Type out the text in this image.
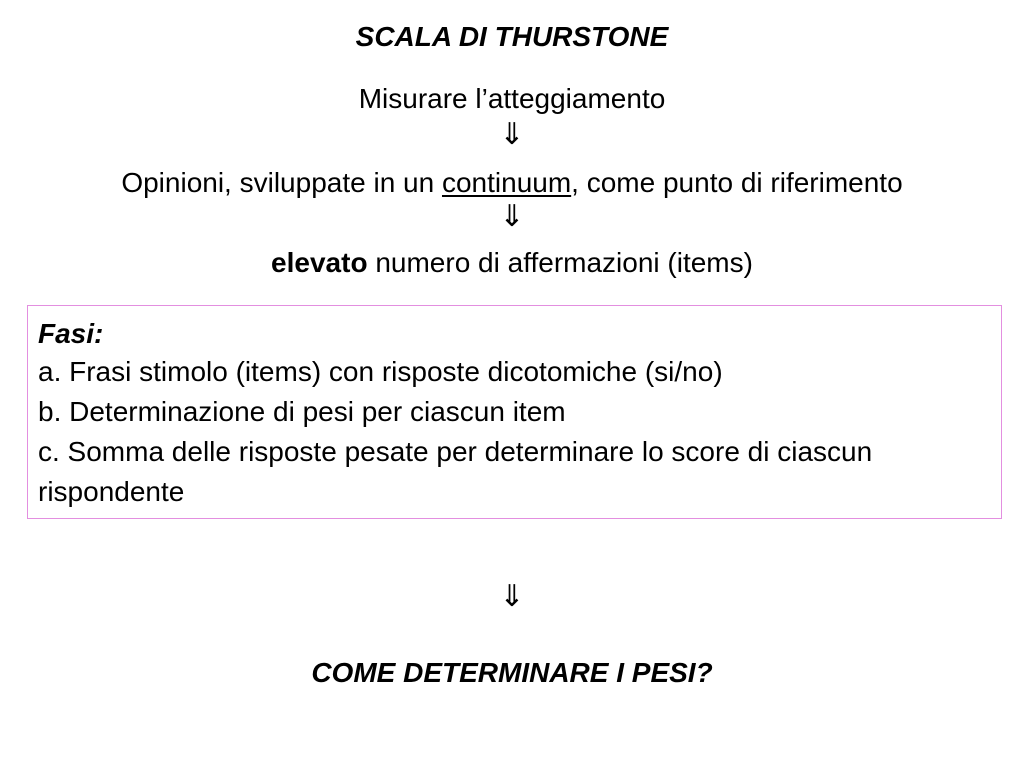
SCALA DI THURSTONE
Misurare l’atteggiamento
⇓
Opinioni, sviluppate in un continuum, come punto di riferimento
⇓
elevato numero di affermazioni (items)
Fasi:
a. Frasi stimolo (items) con risposte dicotomiche (si/no)
b. Determinazione di pesi per ciascun item
c. Somma delle risposte pesate per determinare lo score di ciascun rispondente
⇓
COME DETERMINARE I PESI?
